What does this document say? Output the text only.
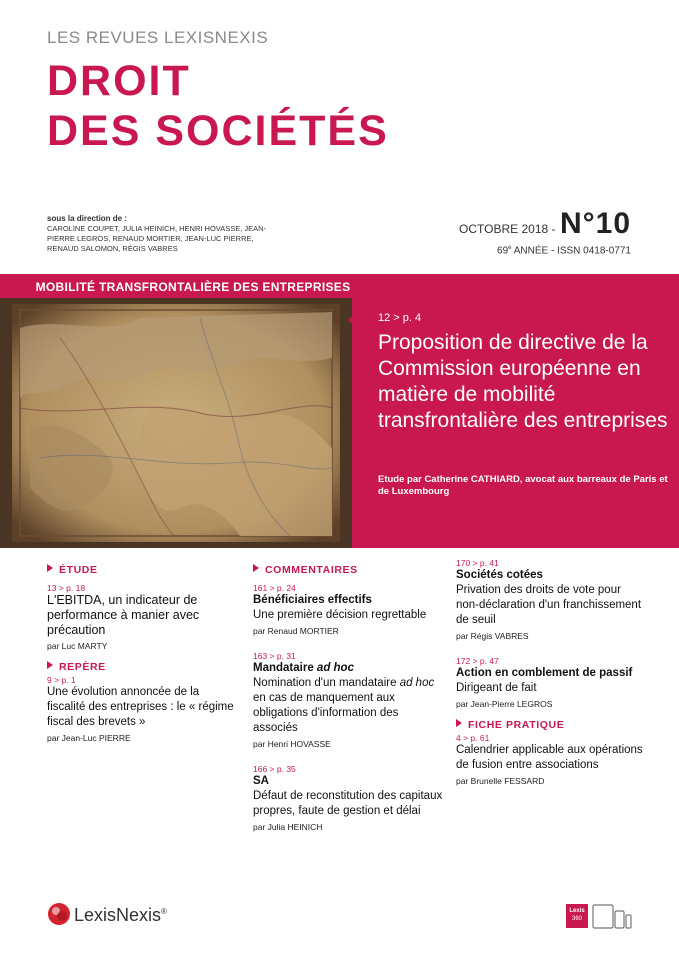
LES REVUES LEXISNEXIS
DROIT
DES SOCIÉTÉS
sous la direction de :
CAROLINE COUPET, JULIA HEINICH, HENRI HOVASSE, JEAN-PIERRE LEGROS, RENAUD MORTIER, JEAN-LUC PIERRE, RENAUD SALOMON, RÉGIS VABRES
OCTOBRE 2018 - N°10
69e ANNÉE - ISSN 0418-0771
MOBILITÉ TRANSFRONTALIÈRE DES ENTREPRISES
12 > p. 4
Proposition de directive de la Commission européenne en matière de mobilité transfrontalière des entreprises
Etude par Catherine CATHIARD, avocat aux barreaux de Paris et de Luxembourg
ÉTUDE
13 > p. 18
L'EBITDA, un indicateur de performance à manier avec précaution
par Luc MARTY
REPÈRE
9 > p. 1
Une évolution annoncée de la fiscalité des entreprises : le « régime fiscal des brevets »
par Jean-Luc PIERRE
COMMENTAIRES
161 > p. 24
Bénéficiaires effectifs
Une première décision regrettable
par Renaud MORTIER
163 > p. 31
Mandataire ad hoc
Nomination d'un mandataire ad hoc en cas de manquement aux obligations d'information des associés
par Henri HOVASSE
166 > p. 35
SA
Défaut de reconstitution des capitaux propres, faute de gestion et délai
par Julia HEINICH
170 > p. 41
Sociétés cotées
Privation des droits de vote pour non-déclaration d'un franchissement de seuil
par Régis VABRES
172 > p. 47
Action en comblement de passif
Dirigeant de fait
par Jean-Pierre LEGROS
FICHE PRATIQUE
4 > p. 61
Calendrier applicable aux opérations de fusion entre associations
par Brunelle FESSARD
LexisNexis®	Lexis
360
